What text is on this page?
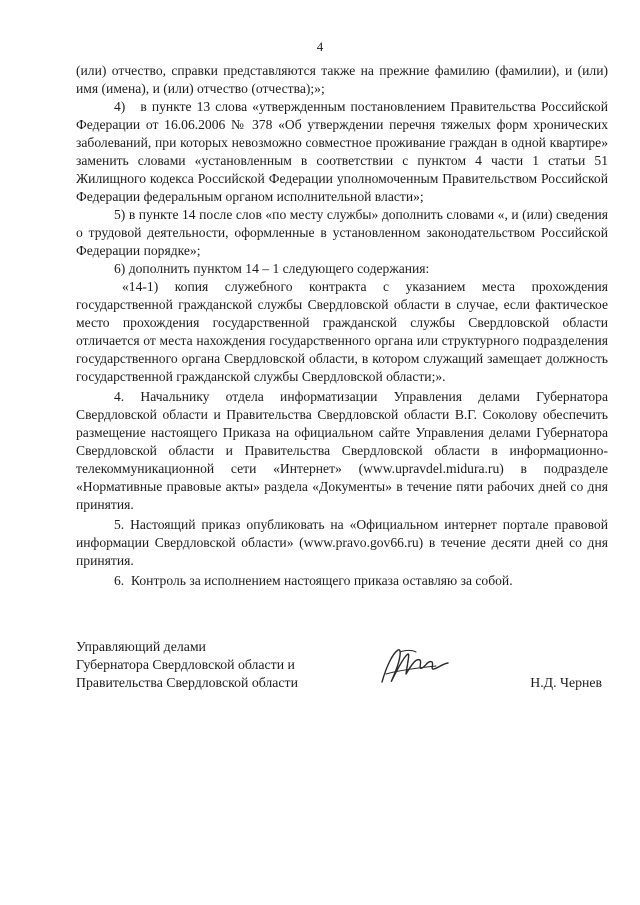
4

(или) отчество, справки представляются также на прежние фамилию (фамилии), и (или) имя (имена), и (или) отчество (отчества);»;

4)   в пункте 13 слова «утвержденным постановлением Правительства Российской Федерации от 16.06.2006 № 378 «Об утверждении перечня тяжелых форм хронических заболеваний, при которых невозможно совместное проживание граждан в одной квартире» заменить словами «установленным в соответствии с пунктом 4 части 1 статьи 51 Жилищного кодекса Российской Федерации уполномоченным Правительством Российской Федерации федеральным органом исполнительной власти»;

5) в пункте 14 после слов «по месту службы» дополнить словами «, и (или) сведения о трудовой деятельности, оформленные в установленном законодательством Российской Федерации порядке»;

6) дополнить пунктом 14 – 1 следующего содержания:

«14-1) копия служебного контракта с указанием места прохождения государственной гражданской службы Свердловской области в случае, если фактическое место прохождения государственной гражданской службы Свердловской области отличается от места нахождения государственного органа или структурного подразделения государственного органа Свердловской области, в котором служащий замещает должность государственной гражданской службы Свердловской области;».

4. Начальнику отдела информатизации Управления делами Губернатора Свердловской области и Правительства Свердловской области В.Г. Соколову обеспечить размещение настоящего Приказа на официальном сайте Управления делами Губернатора Свердловской области и Правительства Свердловской области в информационно-телекоммуникационной сети «Интернет» (www.upravdel.midura.ru) в подразделе «Нормативные правовые акты» раздела «Документы» в течение пяти рабочих дней со дня принятия.

5. Настоящий приказ опубликовать на «Официальном интернет портале правовой информации Свердловской области» (www.pravo.gov66.ru) в течение десяти дней со дня принятия.

6.  Контроль за исполнением настоящего приказа оставляю за собой.

Управляющий делами
Губернатора Свердловской области и
Правительства Свердловской области	Н.Д. Чернев
